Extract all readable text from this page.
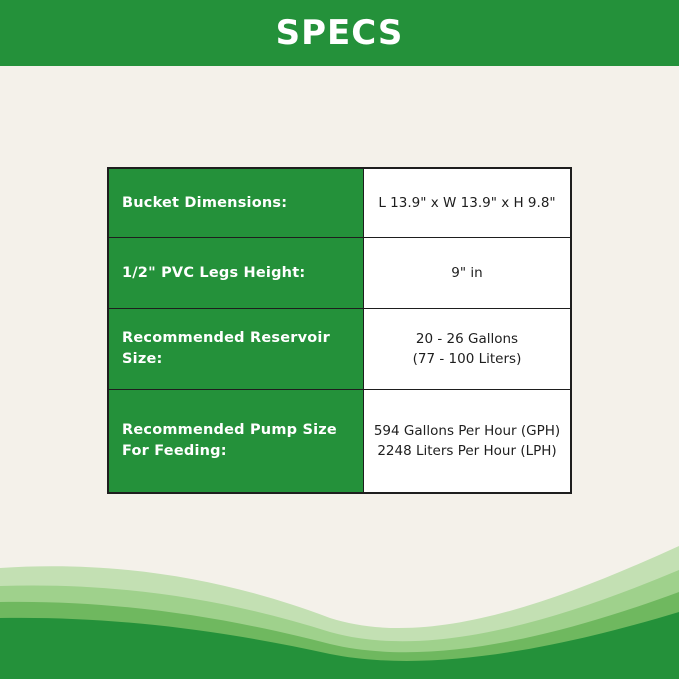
SPECS
Bucket Dimensions:	L 13.9" x W 13.9" x H 9.8"

1/2" PVC Legs Height:	9" in

Recommended Reservoir Size:	20 - 26 Gallons
(77 - 100 Liters)

Recommended Pump Size For Feeding:	594 Gallons Per Hour (GPH)
2248 Liters Per Hour (LPH)
